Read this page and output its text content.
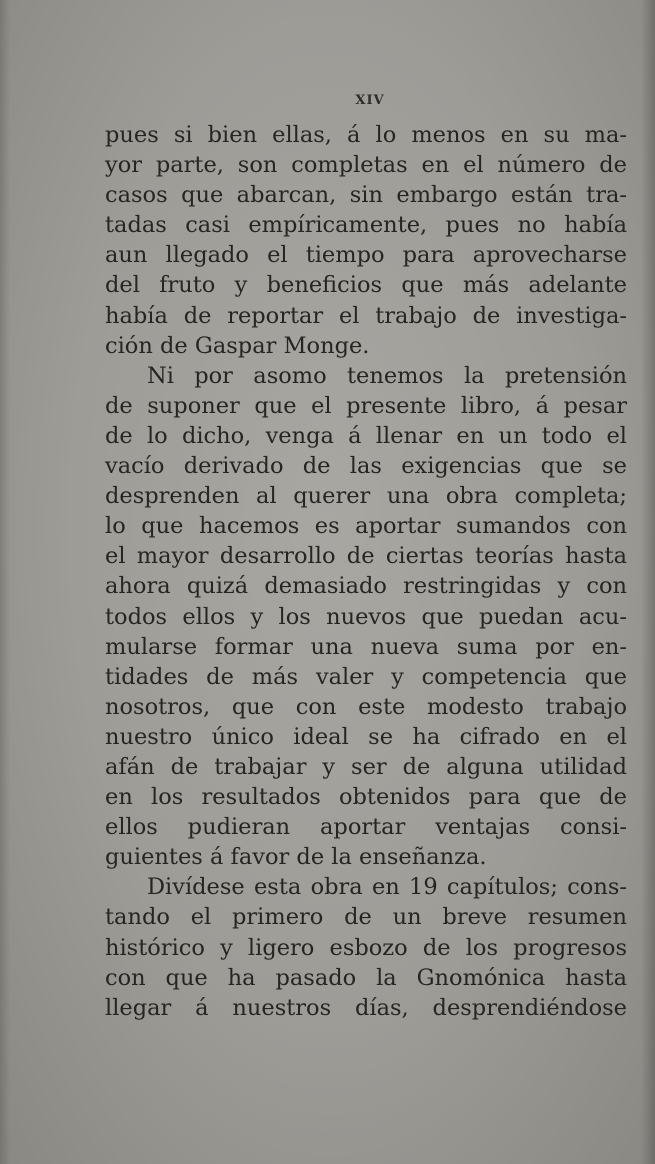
XIV
pues si bien ellas, á lo menos en su ma-
yor parte, son completas en el número de
casos que abarcan, sin embargo están tra-
tadas casi empíricamente, pues no había
aun llegado el tiempo para aprovecharse
del fruto y beneficios que más adelante
había de reportar el trabajo de investiga-
ción de Gaspar Monge.
Ni por asomo tenemos la pretensión
de suponer que el presente libro, á pesar
de lo dicho, venga á llenar en un todo el
vacío derivado de las exigencias que se
desprenden al querer una obra completa;
lo que hacemos es aportar sumandos con
el mayor desarrollo de ciertas teorías hasta
ahora quizá demasiado restringidas y con
todos ellos y los nuevos que puedan acu-
mularse formar una nueva suma por en-
tidades de más valer y competencia que
nosotros, que con este modesto trabajo
nuestro único ideal se ha cifrado en el
afán de trabajar y ser de alguna utilidad
en los resultados obtenidos para que de
ellos pudieran aportar ventajas consi-
guientes á favor de la enseñanza.
Divídese esta obra en 19 capítulos; cons-
tando el primero de un breve resumen
histórico y ligero esbozo de los progresos
con que ha pasado la Gnomónica hasta
llegar á nuestros días, desprendiéndose
